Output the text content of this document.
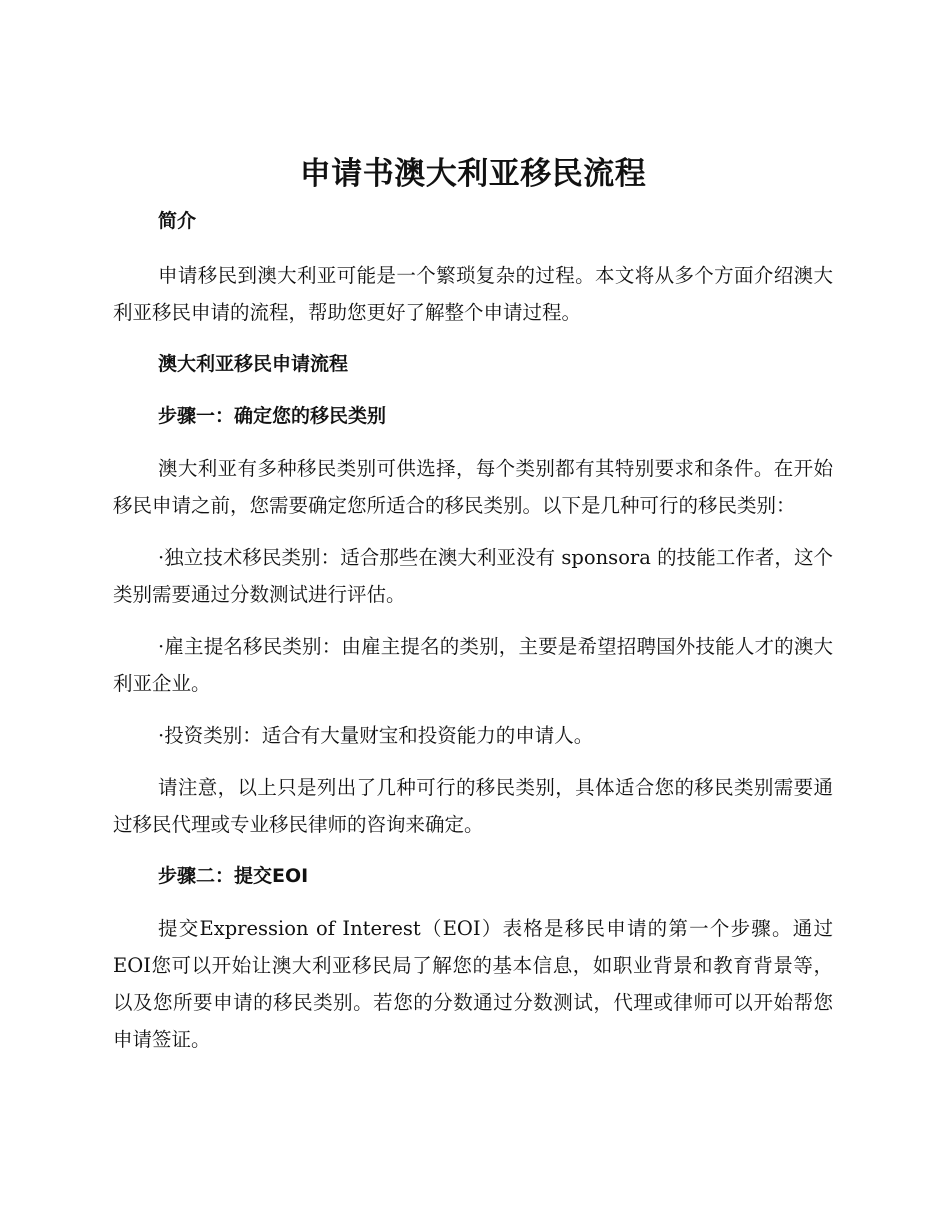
申请书澳大利亚移民流程
简介

申请移民到澳大利亚可能是一个繁琐复杂的过程。本文将从多个方面介绍澳大利亚移民申请的流程，帮助您更好了解整个申请过程。

澳大利亚移民申请流程
步骤一：确定您的移民类别

澳大利亚有多种移民类别可供选择，每个类别都有其特别要求和条件。在开始移民申请之前，您需要确定您所适合的移民类别。以下是几种可行的移民类别：

·独立技术移民类别：适合那些在澳大利亚没有 sponsora 的技能工作者，这个类别需要通过分数测试进行评估。

·雇主提名移民类别：由雇主提名的类别，主要是希望招聘国外技能人才的澳大利亚企业。

·投资类别：适合有大量财宝和投资能力的申请人。

请注意，以上只是列出了几种可行的移民类别，具体适合您的移民类别需要通过移民代理或专业移民律师的咨询来确定。

步骤二：提交EOI

提交Expression of Interest（EOI）表格是移民申请的第一个步骤。通过EOI您可以开始让澳大利亚移民局了解您的基本信息，如职业背景和教育背景等，以及您所要申请的移民类别。若您的分数通过分数测试，代理或律师可以开始帮您申请签证。
